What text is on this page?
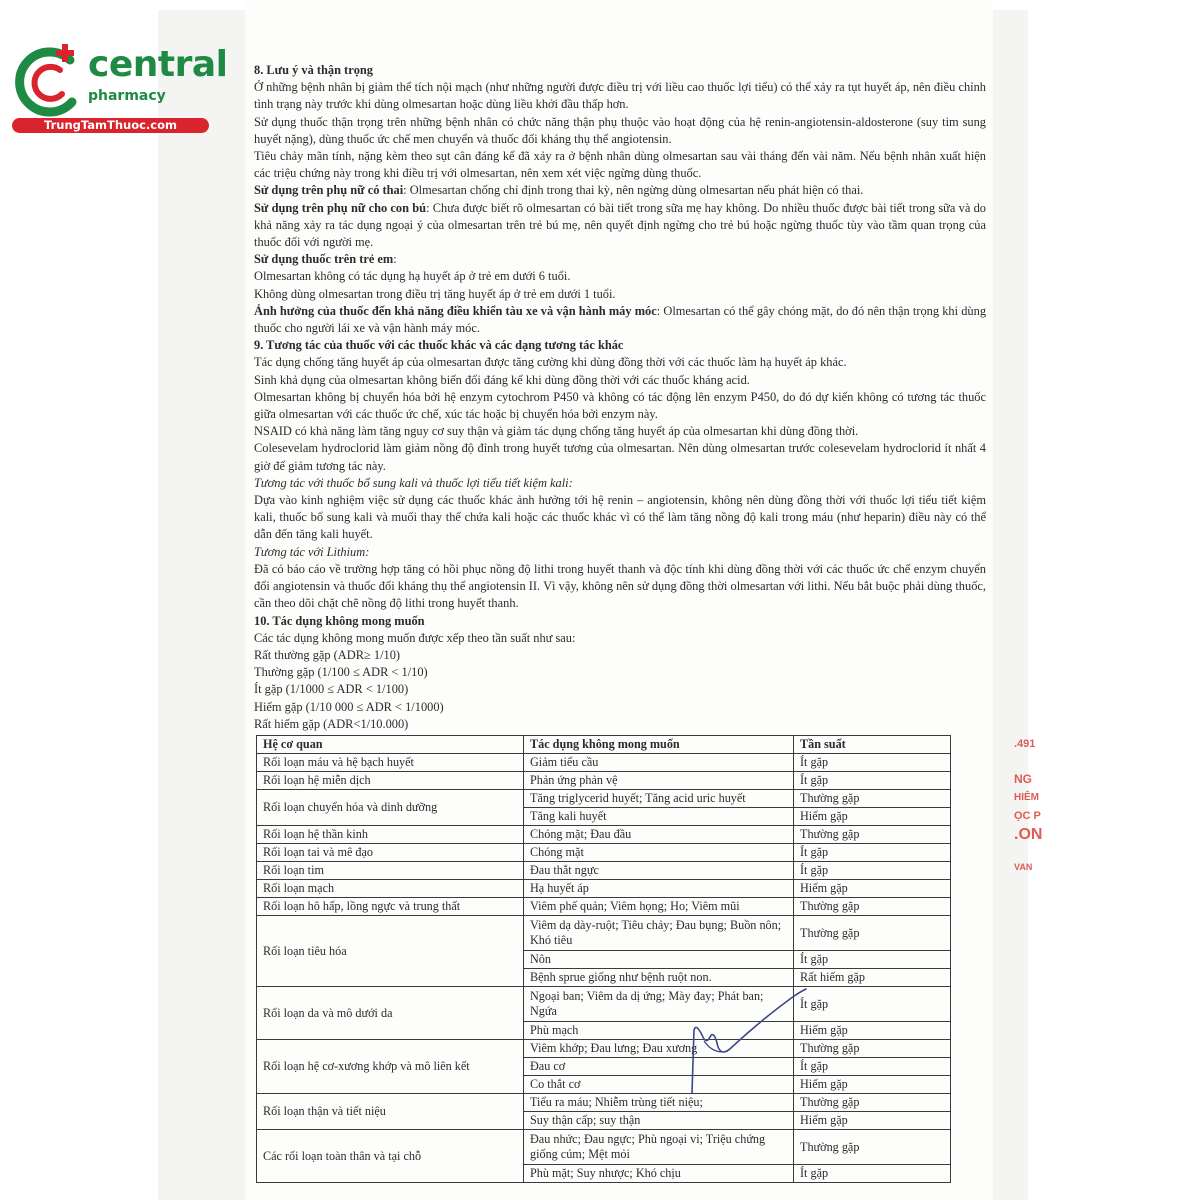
central
pharmacy
TrungTamThuoc.com

8. Lưu ý và thận trọng

Ở những bệnh nhân bị giảm thể tích nội mạch (như những người được điều trị với liều cao thuốc lợi tiểu) có thể xảy ra tụt huyết áp, nên điều chỉnh tình trạng này trước khi dùng olmesartan hoặc dùng liều khởi đầu thấp hơn.

Sử dụng thuốc thận trọng trên những bệnh nhân có chức năng thận phụ thuộc vào hoạt động của hệ renin-angiotensin-aldosterone (suy tim sung huyết nặng), dùng thuốc ức chế men chuyển và thuốc đối kháng thụ thể angiotensin.

Tiêu chảy mãn tính, nặng kèm theo sụt cân đáng kể đã xảy ra ở bệnh nhân dùng olmesartan sau vài tháng đến vài năm. Nếu bệnh nhân xuất hiện các triệu chứng này trong khi điều trị với olmesartan, nên xem xét việc ngừng dùng thuốc.

Sử dụng trên phụ nữ có thai: Olmesartan chống chỉ định trong thai kỳ, nên ngừng dùng olmesartan nếu phát hiện có thai.

Sử dụng trên phụ nữ cho con bú: Chưa được biết rõ olmesartan có bài tiết trong sữa mẹ hay không. Do nhiều thuốc được bài tiết trong sữa và do khả năng xảy ra tác dụng ngoại ý của olmesartan trên trẻ bú mẹ, nên quyết định ngừng cho trẻ bú hoặc ngừng thuốc tùy vào tầm quan trọng của thuốc đối với người mẹ.

Sử dụng thuốc trên trẻ em:

Olmesartan không có tác dụng hạ huyết áp ở trẻ em dưới 6 tuổi.

Không dùng olmesartan trong điều trị tăng huyết áp ở trẻ em dưới 1 tuổi.

Ảnh hưởng của thuốc đến khả năng điều khiển tàu xe và vận hành máy móc: Olmesartan có thể gây chóng mặt, do đó nên thận trọng khi dùng thuốc cho người lái xe và vận hành máy móc.

9. Tương tác của thuốc với các thuốc khác và các dạng tương tác khác

Tác dụng chống tăng huyết áp của olmesartan được tăng cường khi dùng đồng thời với các thuốc làm hạ huyết áp khác.

Sinh khả dụng của olmesartan không biến đổi đáng kể khi dùng đồng thời với các thuốc kháng acid.

Olmesartan không bị chuyển hóa bởi hệ enzym cytochrom P450 và không có tác động lên enzym P450, do đó dự kiến không có tương tác thuốc giữa olmesartan với các thuốc ức chế, xúc tác hoặc bị chuyển hóa bởi enzym này.

NSAID có khả năng làm tăng nguy cơ suy thận và giảm tác dụng chống tăng huyết áp của olmesartan khi dùng đồng thời.

Colesevelam hydroclorid làm giảm nồng độ đỉnh trong huyết tương của olmesartan. Nên dùng olmesartan trước colesevelam hydroclorid ít nhất 4 giờ để giảm tương tác này.

Tương tác với thuốc bổ sung kali và thuốc lợi tiểu tiết kiệm kali:

Dựa vào kinh nghiệm việc sử dụng các thuốc khác ảnh hưởng tới hệ renin – angiotensin, không nên dùng đồng thời với thuốc lợi tiểu tiết kiệm kali, thuốc bổ sung kali và muối thay thế chứa kali hoặc các thuốc khác vì có thể làm tăng nồng độ kali trong máu (như heparin) điều này có thể dẫn đến tăng kali huyết.

Tương tác với Lithium:

Đã có báo cáo về trường hợp tăng có hồi phục nồng độ lithi trong huyết thanh và độc tính khi dùng đồng thời với các thuốc ức chế enzym chuyển đổi angiotensin và thuốc đối kháng thụ thể angiotensin II. Vì vậy, không nên sử dụng đồng thời olmesartan với lithi. Nếu bắt buộc phải dùng thuốc, cần theo dõi chặt chẽ nồng độ lithi trong huyết thanh.

10. Tác dụng không mong muốn

Các tác dụng không mong muốn được xếp theo tần suất như sau:

Rất thường gặp (ADR≥ 1/10)

Thường gặp (1/100 ≤ ADR < 1/10)

Ít gặp (1/1000 ≤ ADR < 1/100)

Hiếm gặp (1/10 000 ≤ ADR < 1/1000)

Rất hiếm gặp (ADR<1/10.000)

Hệ cơ quan	Tác dụng không mong muốn	Tần suất
Rối loạn máu và hệ bạch huyết	Giảm tiểu cầu	Ít gặp
Rối loạn hệ miễn dịch	Phản ứng phản vệ	Ít gặp
Rối loạn chuyển hóa và dinh dưỡng	Tăng triglycerid huyết; Tăng acid uric huyết	Thường gặp
	Tăng kali huyết	Hiếm gặp
Rối loạn hệ thần kinh	Chóng mặt; Đau đầu	Thường gặp
Rối loạn tai và mê đạo	Chóng mặt	Ít gặp
Rối loạn tim	Đau thắt ngực	Ít gặp
Rối loạn mạch	Hạ huyết áp	Hiếm gặp
Rối loạn hô hấp, lồng ngực và trung thất	Viêm phế quản; Viêm họng; Ho; Viêm mũi	Thường gặp
Rối loạn tiêu hóa	Viêm dạ dày-ruột; Tiêu chảy; Đau bụng; Buồn nôn; Khó tiêu	Thường gặp
	Nôn	Ít gặp
	Bệnh sprue giống như bệnh ruột non.	Rất hiếm gặp
Rối loạn da và mô dưới da	Ngoại ban; Viêm da dị ứng; Mày đay; Phát ban; Ngứa	Ít gặp
	Phù mạch	Hiếm gặp
Rối loạn hệ cơ-xương khớp và mô liên kết	Viêm khớp; Đau lưng; Đau xương	Thường gặp
	Đau cơ	Ít gặp
	Co thắt cơ	Hiếm gặp
Rối loạn thận và tiết niệu	Tiểu ra máu; Nhiễm trùng tiết niệu;	Thường gặp
	Suy thận cấp; suy thận	Hiếm gặp
Các rối loạn toàn thân và tại chỗ	Đau nhức; Đau ngực; Phù ngoại vi; Triệu chứng giống cúm; Mệt mỏi	Thường gặp
	Phù mặt; Suy nhược; Khó chịu	Ít gặp
.491
NG
HIÊM
ỌC P
.ON
VAN
